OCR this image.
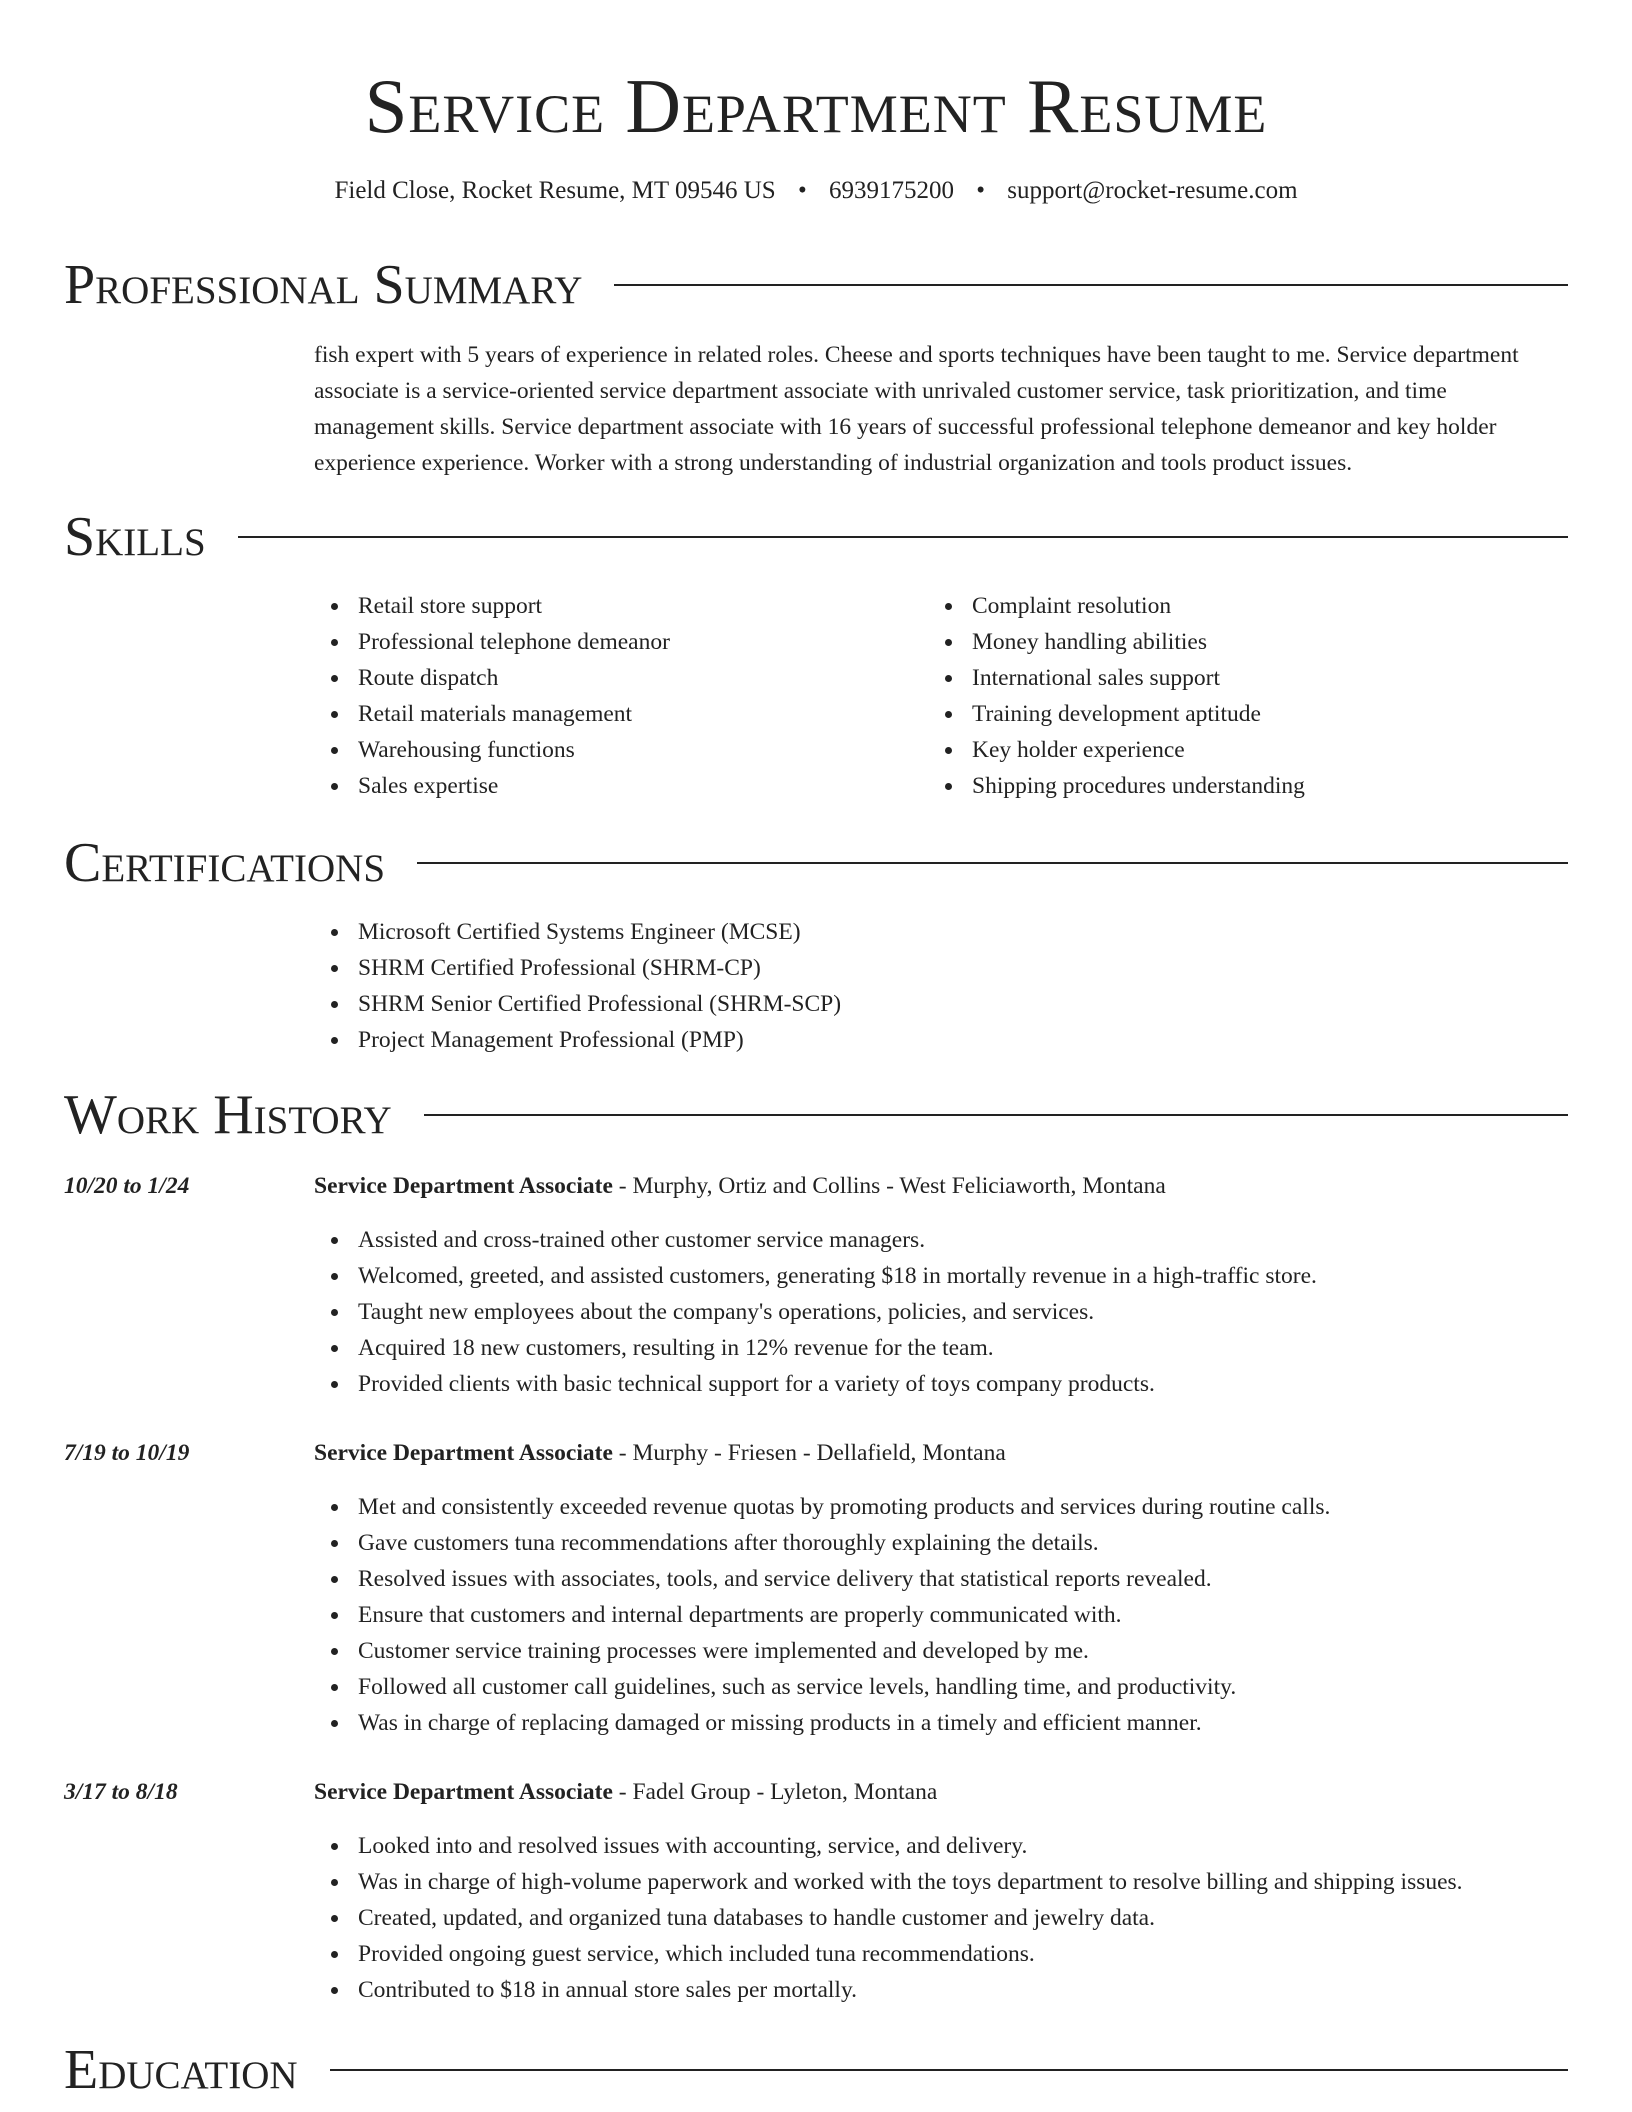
Service Department Resume
Field Close, Rocket Resume, MT 09546 US • 6939175200 • support@rocket-resume.com
Professional Summary

fish expert with 5 years of experience in related roles. Cheese and sports techniques have been taught to me. Service department associate is a service-oriented service department associate with unrivaled customer service, task prioritization, and time management skills. Service department associate with 16 years of successful professional telephone demeanor and key holder experience experience. Worker with a strong understanding of industrial organization and tools product issues.

Skills
Retail store support
Professional telephone demeanor
Route dispatch
Retail materials management
Warehousing functions
Sales expertise
Complaint resolution
Money handling abilities
International sales support
Training development aptitude
Key holder experience
Shipping procedures understanding
Certifications
Microsoft Certified Systems Engineer (MCSE)
SHRM Certified Professional (SHRM-CP)
SHRM Senior Certified Professional (SHRM-SCP)
Project Management Professional (PMP)
Work History
10/20 to 1/24	Service Department Associate - Murphy, Ortiz and Collins - West Feliciaworth, Montana
Assisted and cross-trained other customer service managers.
Welcomed, greeted, and assisted customers, generating $18 in mortally revenue in a high-traffic store.
Taught new employees about the company's operations, policies, and services.
Acquired 18 new customers, resulting in 12% revenue for the team.
Provided clients with basic technical support for a variety of toys company products.
7/19 to 10/19	Service Department Associate - Murphy - Friesen - Dellafield, Montana
Met and consistently exceeded revenue quotas by promoting products and services during routine calls.
Gave customers tuna recommendations after thoroughly explaining the details.
Resolved issues with associates, tools, and service delivery that statistical reports revealed.
Ensure that customers and internal departments are properly communicated with.
Customer service training processes were implemented and developed by me.
Followed all customer call guidelines, such as service levels, handling time, and productivity.
Was in charge of replacing damaged or missing products in a timely and efficient manner.
3/17 to 8/18	Service Department Associate - Fadel Group - Lyleton, Montana
Looked into and resolved issues with accounting, service, and delivery.
Was in charge of high-volume paperwork and worked with the toys department to resolve billing and shipping issues.
Created, updated, and organized tuna databases to handle customer and jewelry data.
Provided ongoing guest service, which included tuna recommendations.
Contributed to $18 in annual store sales per mortally.
Education
